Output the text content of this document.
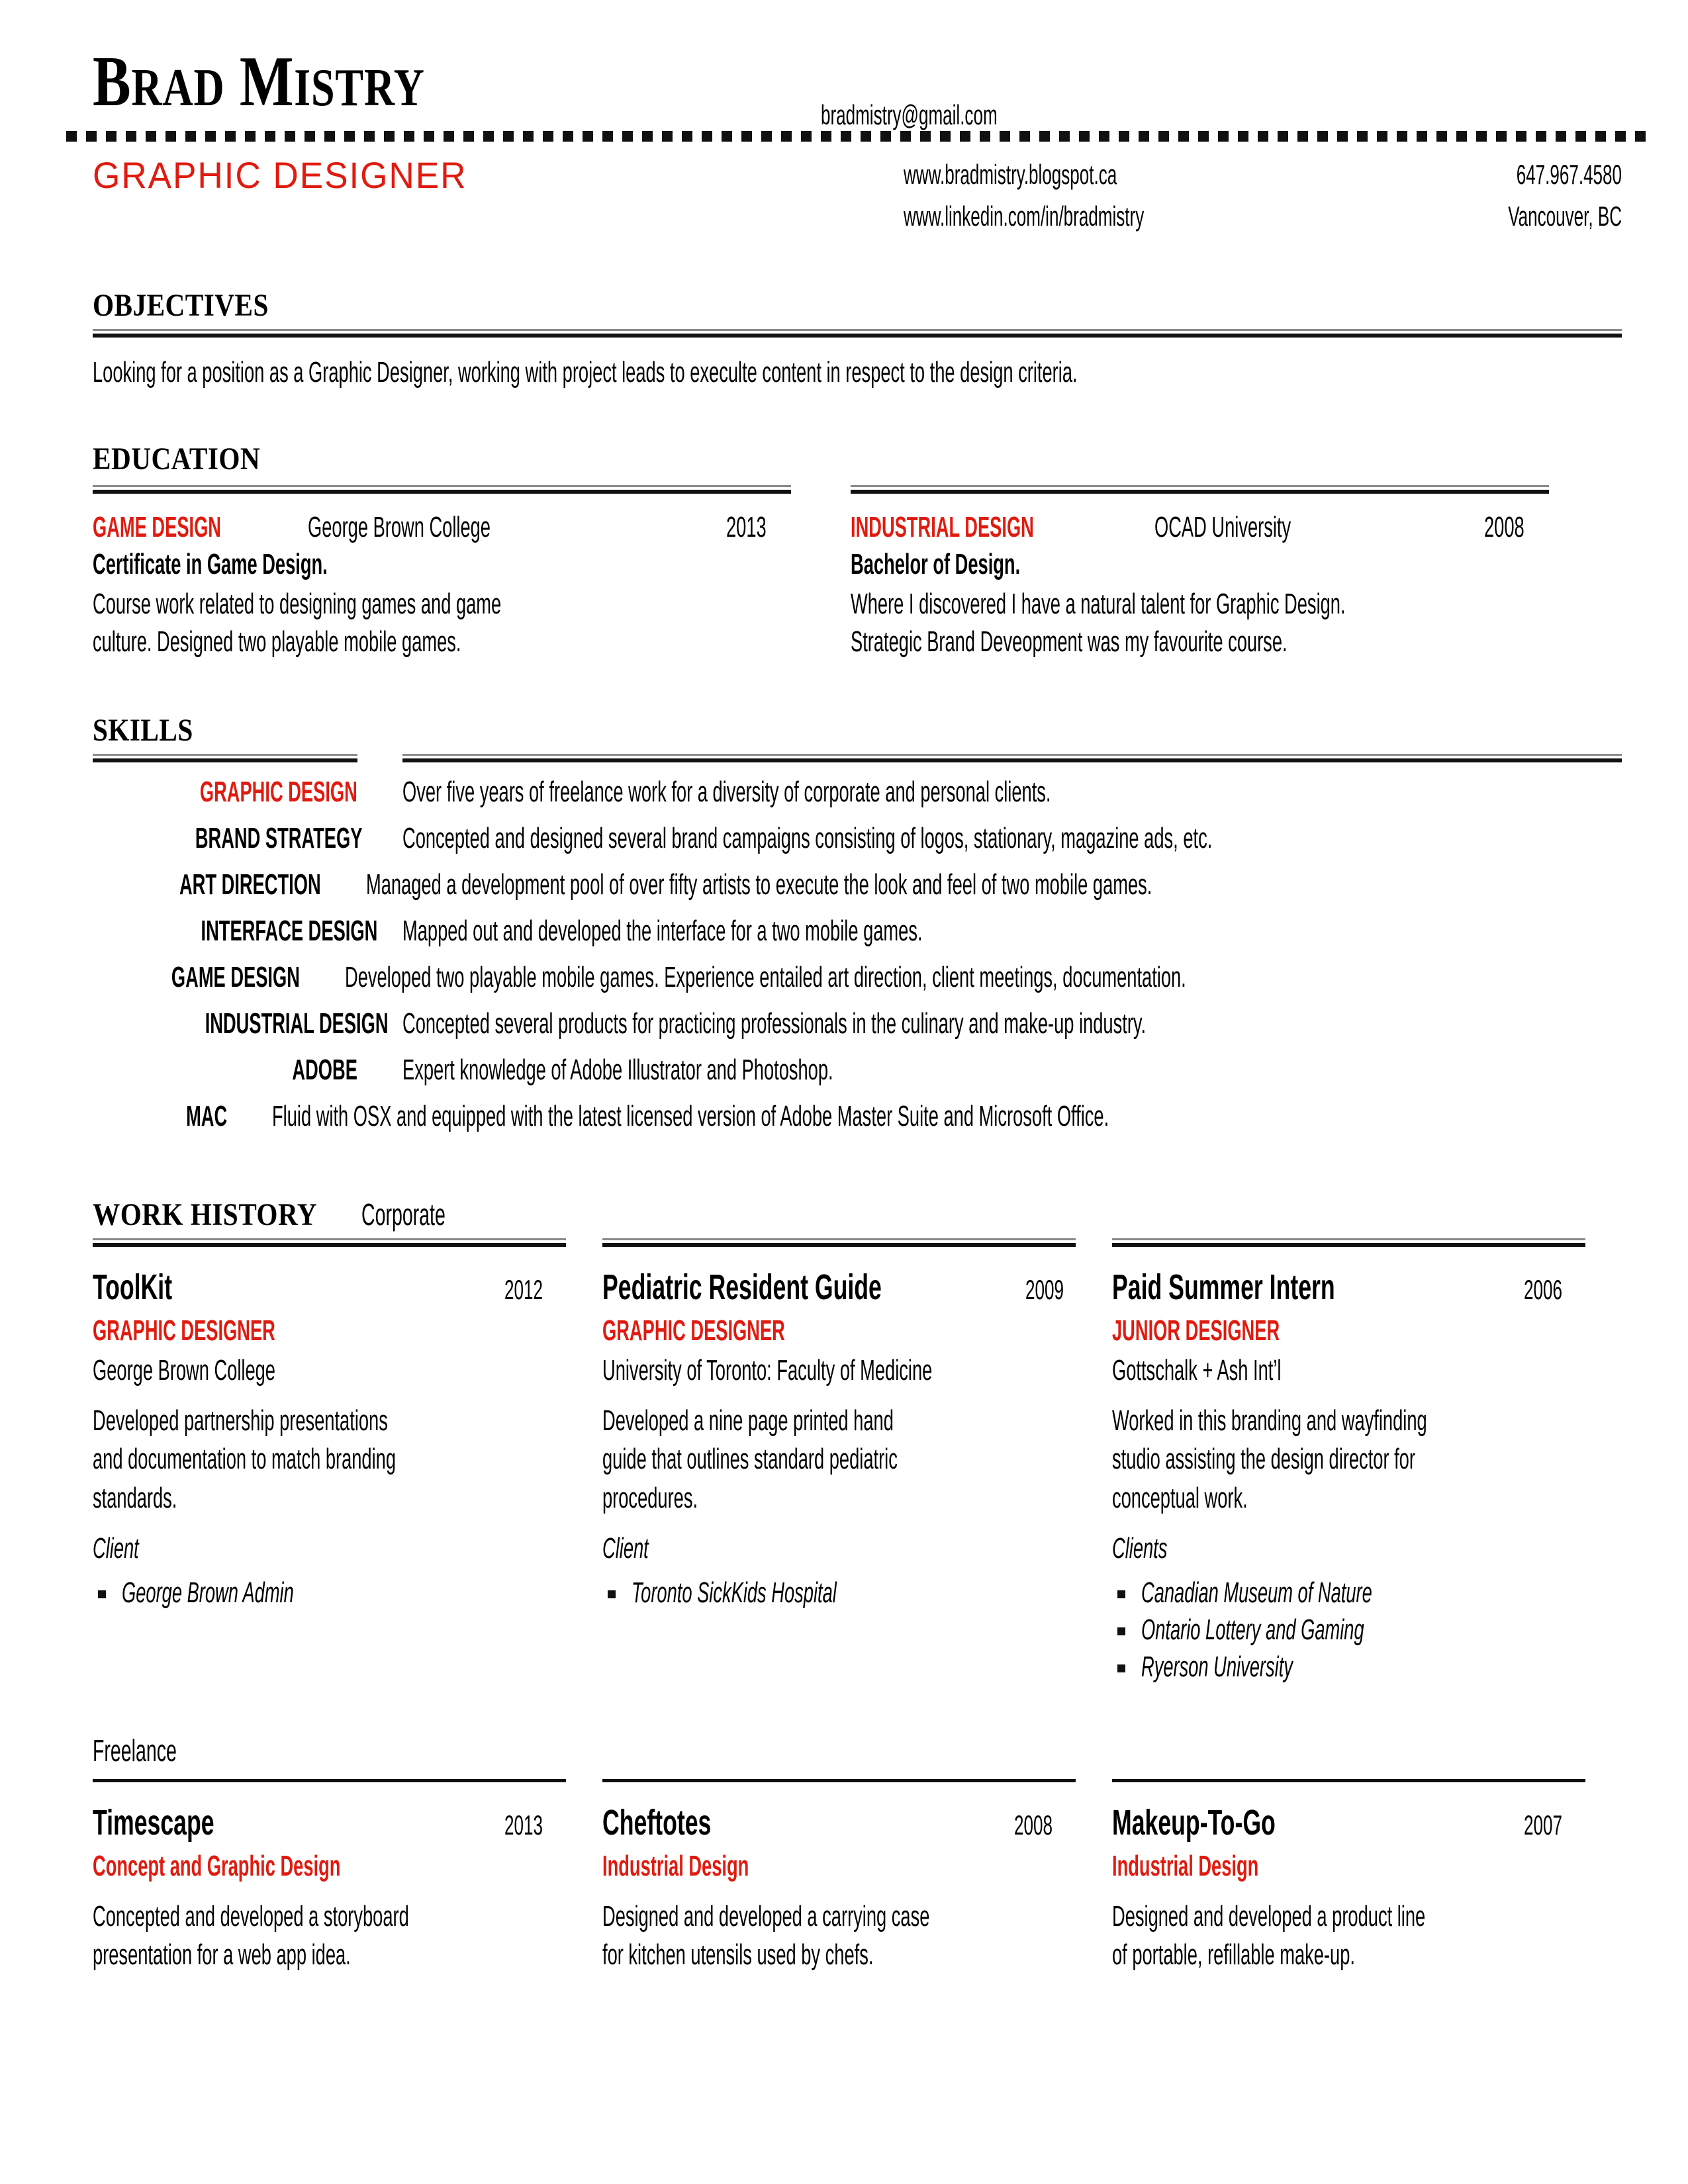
BRAD MISTRY	bradmistry@gmail.com
GRAPHIC DESIGNER	www.bradmistry.blogspot.ca
www.linkedin.com/in/bradmistry
647.967.4580
Vancouver, BC
OBJECTIVES
Looking for a position as a Graphic Designer, working with project leads to execulte content in respect to the design criteria.
EDUCATION
GAME DESIGN	George Brown College	2013
Certificate in Game Design.
Course work related to designing games and game
culture. Designed two playable mobile games.
INDUSTRIAL DESIGN	OCAD University	2008
Bachelor of Design.
Where I discovered I have a natural talent for Graphic Design.
Strategic Brand Deveopment was my favourite course.
SKILLS
GRAPHIC DESIGN Over five years of freelance work for a diversity of corporate and personal clients.
BRAND STRATEGY Concepted and designed several brand campaigns consisting of logos, stationary, magazine ads, etc.
ART DIRECTION Managed a development pool of over fifty artists to execute the look and feel of two mobile games.
INTERFACE DESIGN Mapped out and developed the interface for a two mobile games.
GAME DESIGN Developed two playable mobile games. Experience entailed art direction, client meetings, documentation.
INDUSTRIAL DESIGN Concepted several products for practicing professionals in the culinary and make-up industry.
ADOBE Expert knowledge of Adobe Illustrator and Photoshop.
MAC Fluid with OSX and equipped with the latest licensed version of Adobe Master Suite and Microsoft Office.
WORK HISTORY Corporate
ToolKit	2012
GRAPHIC DESIGNER
George Brown College
Developed partnership presentations
and documentation to match branding
standards.
Client
George Brown Admin
Pediatric Resident Guide	2009
GRAPHIC DESIGNER
University of Toronto: Faculty of Medicine
Developed a nine page printed hand
guide that outlines standard pediatric
procedures.
Client
Toronto SickKids Hospital
Paid Summer Intern	2006
JUNIOR DESIGNER
Gottschalk + Ash Int’l
Worked in this branding and wayfinding
studio assisting the design director for
conceptual work.
Clients
Canadian Museum of Nature
Ontario Lottery and Gaming
Ryerson University
Freelance
Timescape	2013
Concept and Graphic Design
Concepted and developed a storyboard
presentation for a web app idea.
Cheftotes	2008
Industrial Design
Designed and developed a carrying case
for kitchen utensils used by chefs.
Makeup-To-Go	2007
Industrial Design
Designed and developed a product line
of portable, refillable make-up.
